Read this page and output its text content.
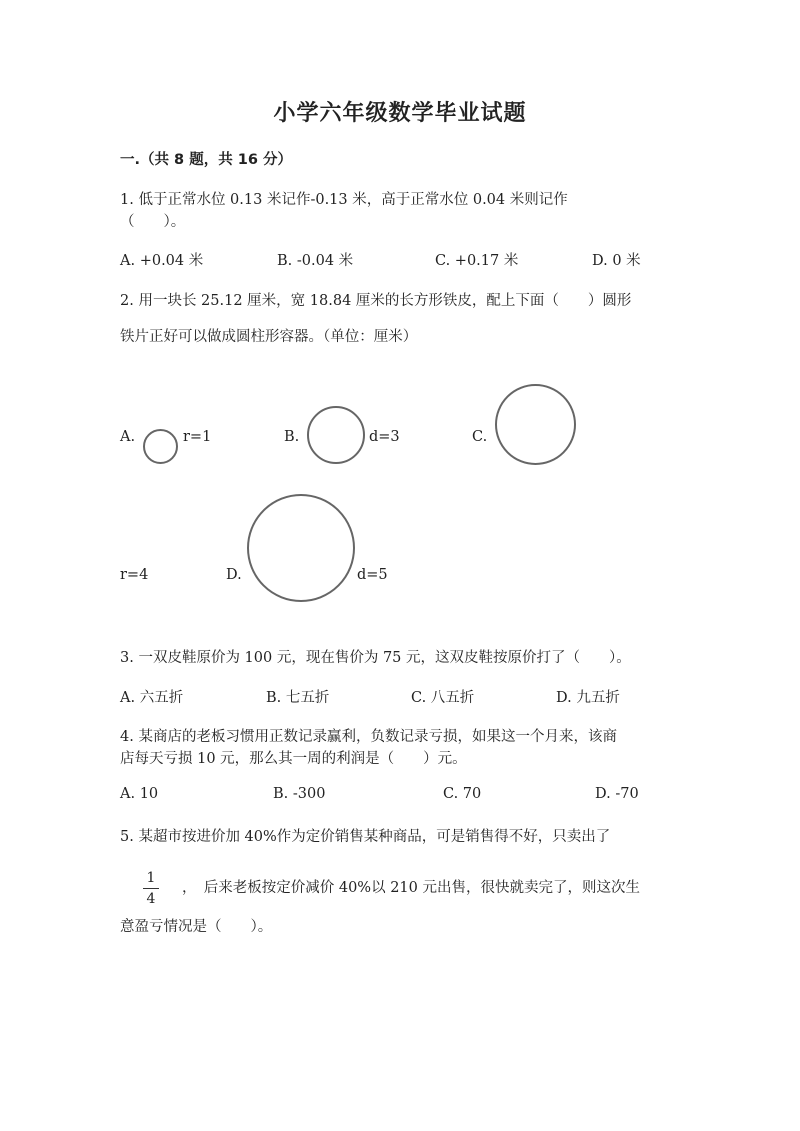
小学六年级数学毕业试题
一.（共 8 题，共 16 分）
1. 低于正常水位 0.13 米记作-0.13 米，高于正常水位 0.04 米则记作
（　　）。
A. +0.04 米	B. -0.04 米	C. +0.17 米	D. 0 米
2. 用一块长 25.12 厘米，宽 18.84 厘米的长方形铁皮，配上下面（　　）圆形
铁片正好可以做成圆柱形容器。（单位：厘米）
A.	r=1	B.	d=3	C.
r=4	D.	d=5
3. 一双皮鞋原价为 100 元，现在售价为 75 元，这双皮鞋按原价打了（　　）。
A. 六五折	B. 七五折	C. 八五折	D. 九五折
4. 某商店的老板习惯用正数记录赢利，负数记录亏损，如果这一个月来，该商
店每天亏损 10 元，那么其一周的利润是（　　）元。
A. 10	B. -300	C. 70	D. -70
5. 某超市按进价加 40%作为定价销售某种商品，可是销售得不好，只卖出了
1
4
，　后来老板按定价减价 40%以 210 元出售，很快就卖完了，则这次生
意盈亏情况是（　　）。
